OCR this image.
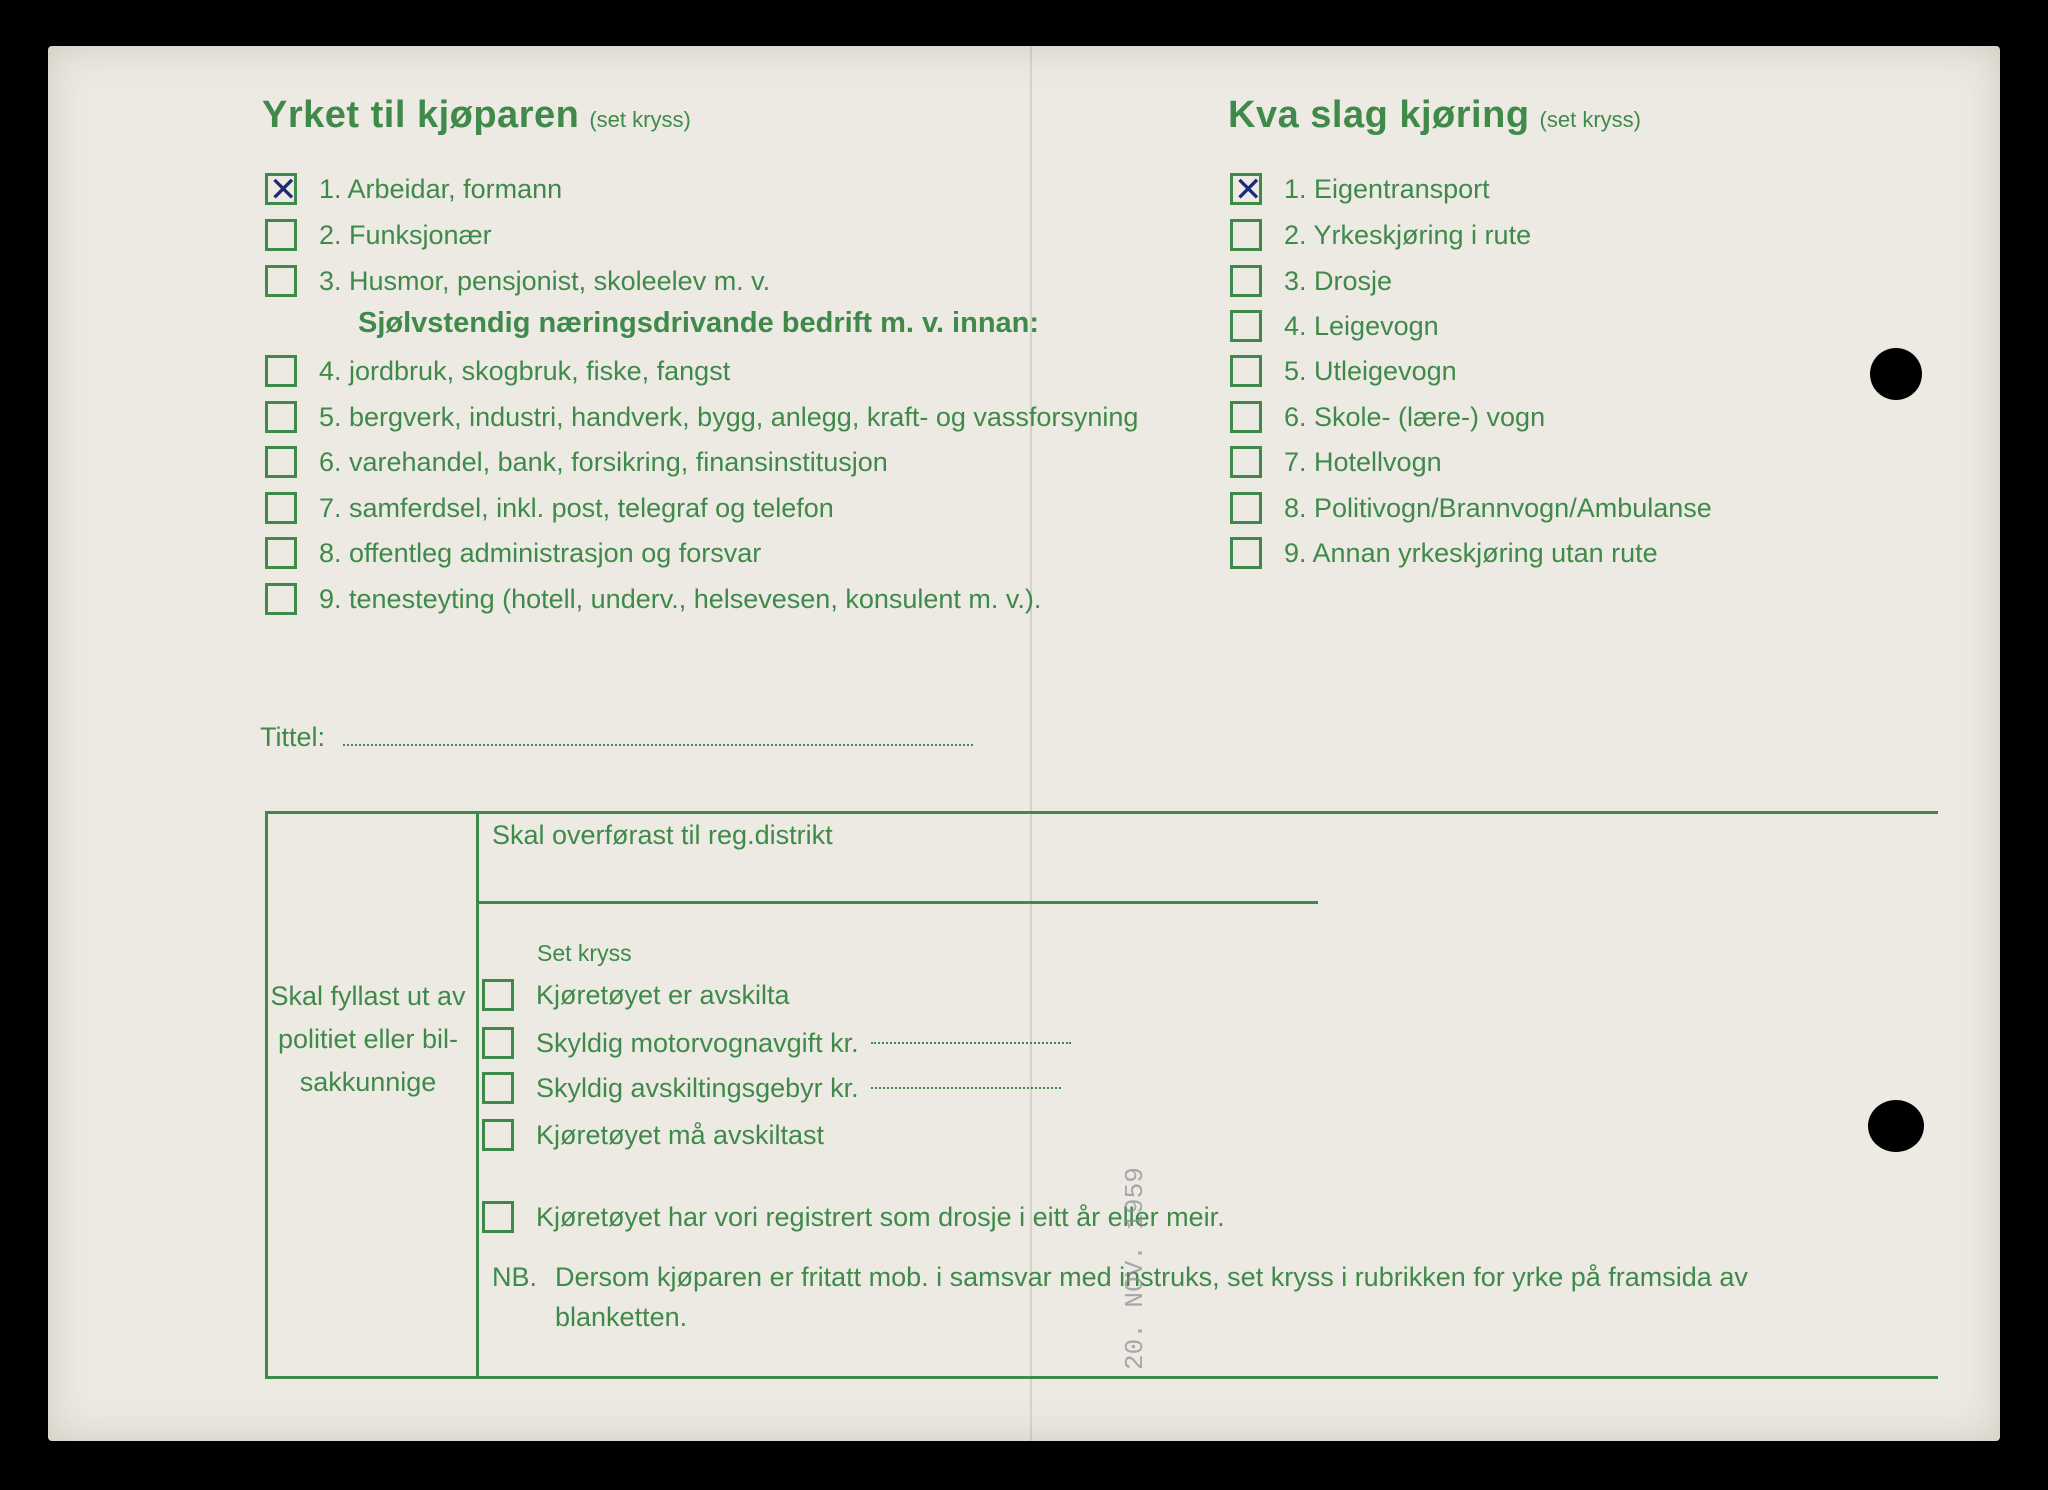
Yrket til kjøparen (set kryss)
✕
1. Arbeidar, formann
2. Funksjonær
3. Husmor, pensjonist, skoleelev m. v.
Sjølvstendig næringsdrivande bedrift m. v. innan:
4. jordbruk, skogbruk, fiske, fangst
5. bergverk, industri, handverk, bygg, anlegg, kraft- og vassforsyning
6. varehandel, bank, forsikring, finansinstitusjon
7. samferdsel, inkl. post, telegraf og telefon
8. offentleg administrasjon og forsvar
9. tenesteyting (hotell, underv., helsevesen, konsulent m. v.).
Kva slag kjøring (set kryss)
✕
1. Eigentransport
2. Yrkeskjøring i rute
3. Drosje
4. Leigevogn
5. Utleigevogn
6. Skole- (lære-) vogn
7. Hotellvogn
8. Politivogn/Brannvogn/Ambulanse
9. Annan yrkeskjøring utan rute
Tittel:
Skal fyllast ut av politiet eller bil-sakkunnige
Skal overførast til reg.distrikt
Set kryss
Kjøretøyet er avskilta
Skyldig motorvognavgift kr.
Skyldig avskiltingsgebyr kr.
Kjøretøyet må avskiltast
Kjøretøyet har vori registrert som drosje i eitt år eller meir.
NB. Dersom kjøparen er fritatt mob. i samsvar med instruks, set kryss i rubrikken for yrke på framsida av
blanketten.	20. NOV. 1959
